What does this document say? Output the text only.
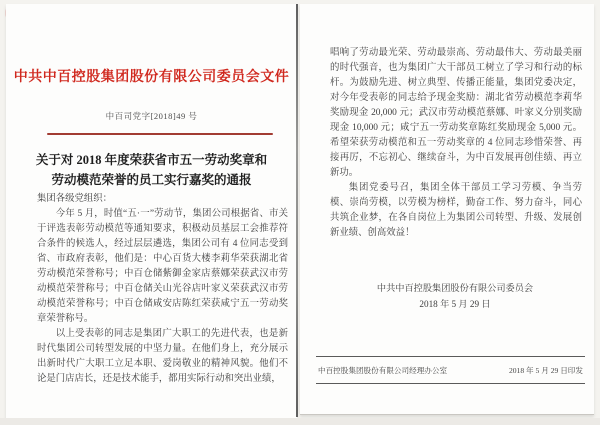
中共中百控股集团股份有限公司委员会文件
中百司党字[2018]49 号
关于对 2018 年度荣获省市五一劳动奖章和
劳动模范荣誉的员工实行嘉奖的通报

集团各级党组织：

今年 5 月，时值“五·一”劳动节，集团公司根据省、市关于评选表彰劳动模范等通知要求，积极动员基层工会推荐符合条件的候选人，经过层层遴选，集团公司有 4 位同志受到省、市政府表彰，他们是：中心百货大楼李莉华荣获湖北省劳动模范荣誉称号；中百仓储紫御金家店蔡娜荣获武汉市劳动模范荣誉称号；中百仓储关山光谷店叶家义荣获武汉市劳动模范荣誉称号；中百仓储咸安店陈红荣获咸宁五一劳动奖章荣誉称号。

以上受表彰的同志是集团广大职工的先进代表，也是新时代集团公司转型发展的中坚力量。在他们身上，充分展示出新时代广大职工立足本职、爱岗敬业的精神风貌。他们不论是门店店长，还是技术能手，都用实际行动和突出业绩，

唱响了劳动最光荣、劳动最崇高、劳动最伟大、劳动最美丽的时代强音，也为集团广大干部员工树立了学习和行动的标杆。为鼓励先进、树立典型、传播正能量，集团党委决定，对今年受表彰的同志给予现金奖励：湖北省劳动模范李莉华奖励现金 20,000 元；武汉市劳动模范蔡娜、叶家义分别奖励现金 10,000 元；咸宁五一劳动奖章陈红奖励现金 5,000 元。希望荣获劳动模范和五一劳动奖章的 4 位同志珍惜荣誉、再接再厉，不忘初心、继续奋斗，为中百发展再创佳绩、再立新功。

集团党委号召，集团全体干部员工学习劳模、争当劳模、崇尚劳模，以劳模为榜样，勤奋工作、努力奋斗，同心共筑企业梦，在各自岗位上为集团公司转型、升级、发展创新业绩、创高效益！

中共中百控股集团股份有限公司委员会
2018 年 5 月 29 日
中百控股集团股份有限公司经理办公室	2018 年 5 月 29 日印发
